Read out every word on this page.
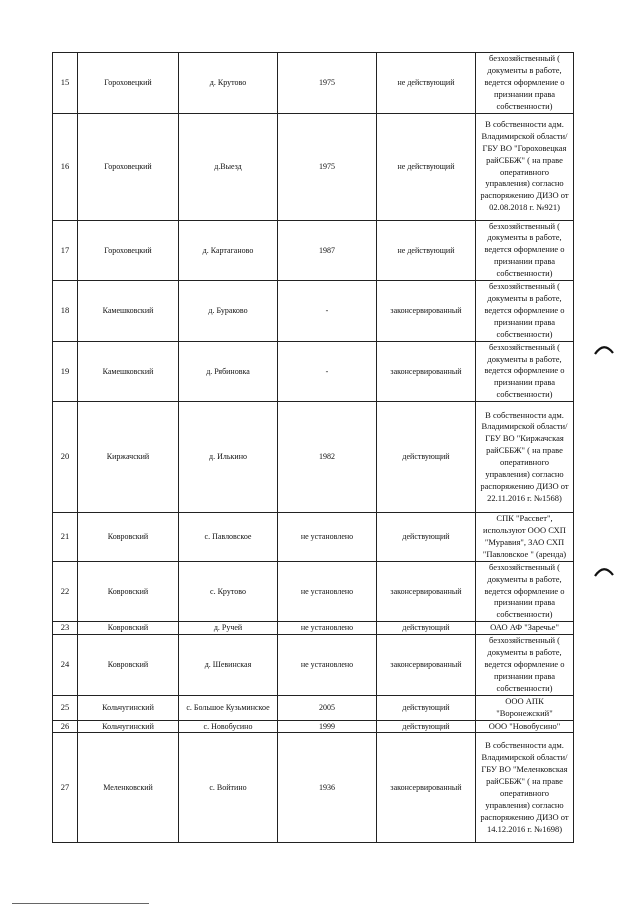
15	Гороховецкий	д. Крутово	1975	не действующий	безхозяйственный ( документы в работе, ведется оформление о признании права собственности)
16	Гороховецкий	д.Выезд	1975	не действующий	В собственности адм. Владимирской области/ГБУ ВО "Гороховецкая райСББЖ" ( на праве оперативного управления) согласно распоряжению ДИЗО от 02.08.2018 г. №921)
17	Гороховецкий	д. Картаганово	1987	не действующий	безхозяйственный ( документы в работе, ведется оформление о признании права собственности)
18	Камешковский	д. Бураково	-	законсервированный	безхозяйственный ( документы в работе, ведется оформление о признании права собственности)
19	Камешковский	д. Рябиновка	-	законсервированный	безхозяйственный ( документы в работе, ведется оформление о признании права собственности)
20	Киржачский	д. Илькино	1982	действующий	В собственности адм. Владимирской области/ГБУ ВО "Киржачская райСББЖ" ( на праве оперативного управления) согласно распоряжению ДИЗО от 22.11.2016 г. №1568)
21	Ковровский	с. Павловское	не установлено	действующий	СПК "Рассвет", используют ООО СХП "Муравия", ЗАО СХП "Павловское " (аренда)
22	Ковровский	с. Крутово	не установлено	законсервированный	безхозяйственный ( документы в работе, ведется оформление о признании права собственности)
23	Ковровский	д. Ручей	не установлено	действующий	ОАО АФ "Заречье"
24	Ковровский	д. Шевинская	не установлено	законсервированный	безхозяйственный ( документы в работе, ведется оформление о признании права собственности)
25	Кольчугинский	с. Большое Кузьминское	2005	действующий	ООО АПК "Воронежский"
26	Кольчугинский	с. Новобусино	1999	действующий	ООО "Новобусино"
27	Меленковский	с. Войтино	1936	законсервированный	В собственности адм. Владимирской области/ГБУ ВО "Меленковская райСББЖ" ( на праве оперативного управления) согласно распоряжению ДИЗО от 14.12.2016 г. №1698)
